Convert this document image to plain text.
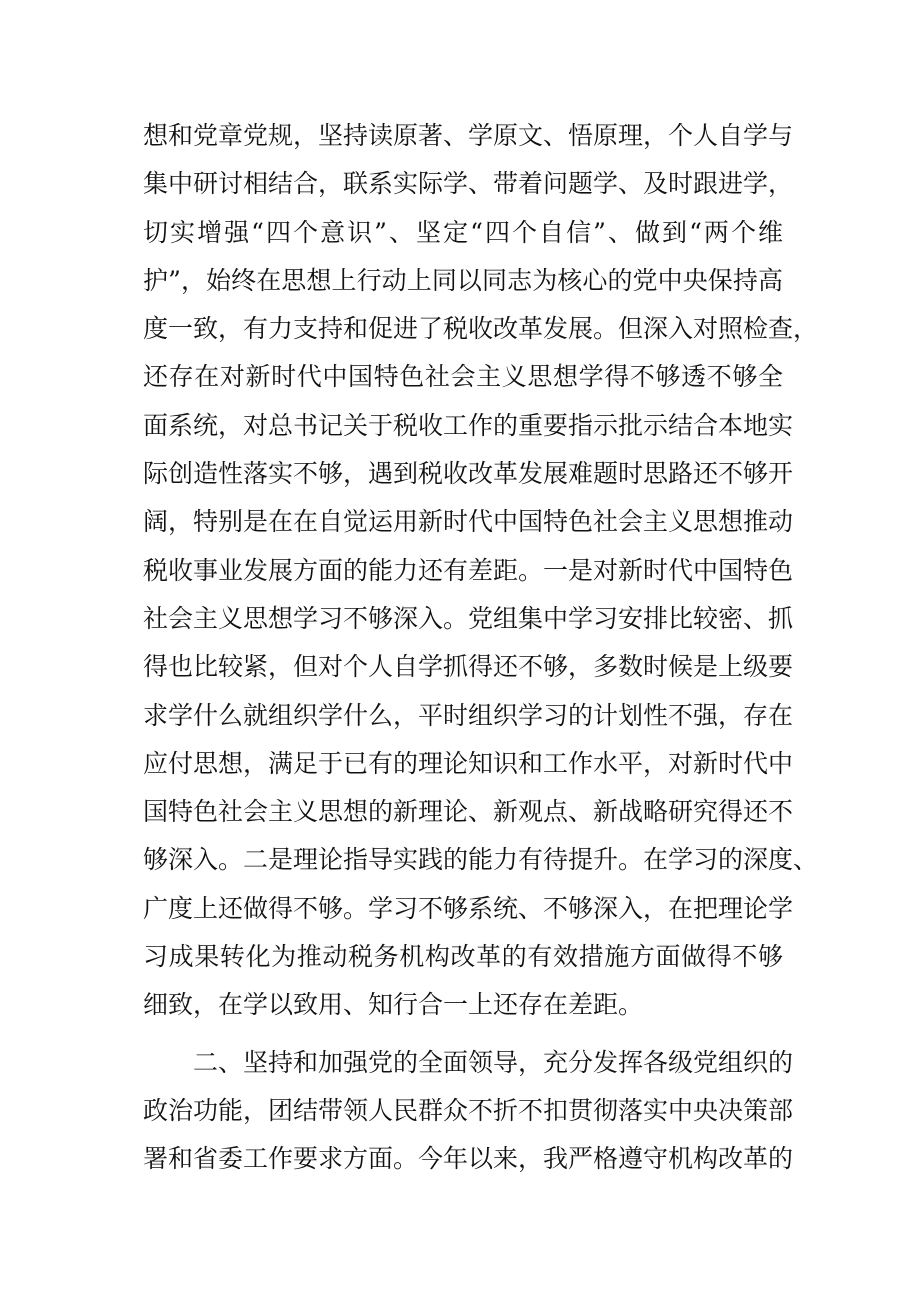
想和党章党规，坚持读原著、学原文、悟原理，个人自学与
集中研讨相结合，联系实际学、带着问题学、及时跟进学，
切实增强“四个意识”、坚定“四个自信”、做到“两个维
护”，始终在思想上行动上同以同志为核心的党中央保持高
度一致，有力支持和促进了税收改革发展。但深入对照检查，
还存在对新时代中国特色社会主义思想学得不够透不够全
面系统，对总书记关于税收工作的重要指示批示结合本地实
际创造性落实不够，遇到税收改革发展难题时思路还不够开
阔，特别是在在自觉运用新时代中国特色社会主义思想推动
税收事业发展方面的能力还有差距。一是对新时代中国特色
社会主义思想学习不够深入。党组集中学习安排比较密、抓
得也比较紧，但对个人自学抓得还不够，多数时候是上级要
求学什么就组织学什么，平时组织学习的计划性不强，存在
应付思想，满足于已有的理论知识和工作水平，对新时代中
国特色社会主义思想的新理论、新观点、新战略研究得还不
够深入。二是理论指导实践的能力有待提升。在学习的深度、
广度上还做得不够。学习不够系统、不够深入，在把理论学
习成果转化为推动税务机构改革的有效措施方面做得不够
细致，在学以致用、知行合一上还存在差距。
二、坚持和加强党的全面领导，充分发挥各级党组织的
政治功能，团结带领人民群众不折不扣贯彻落实中央决策部
署和省委工作要求方面。今年以来，我严格遵守机构改革的
